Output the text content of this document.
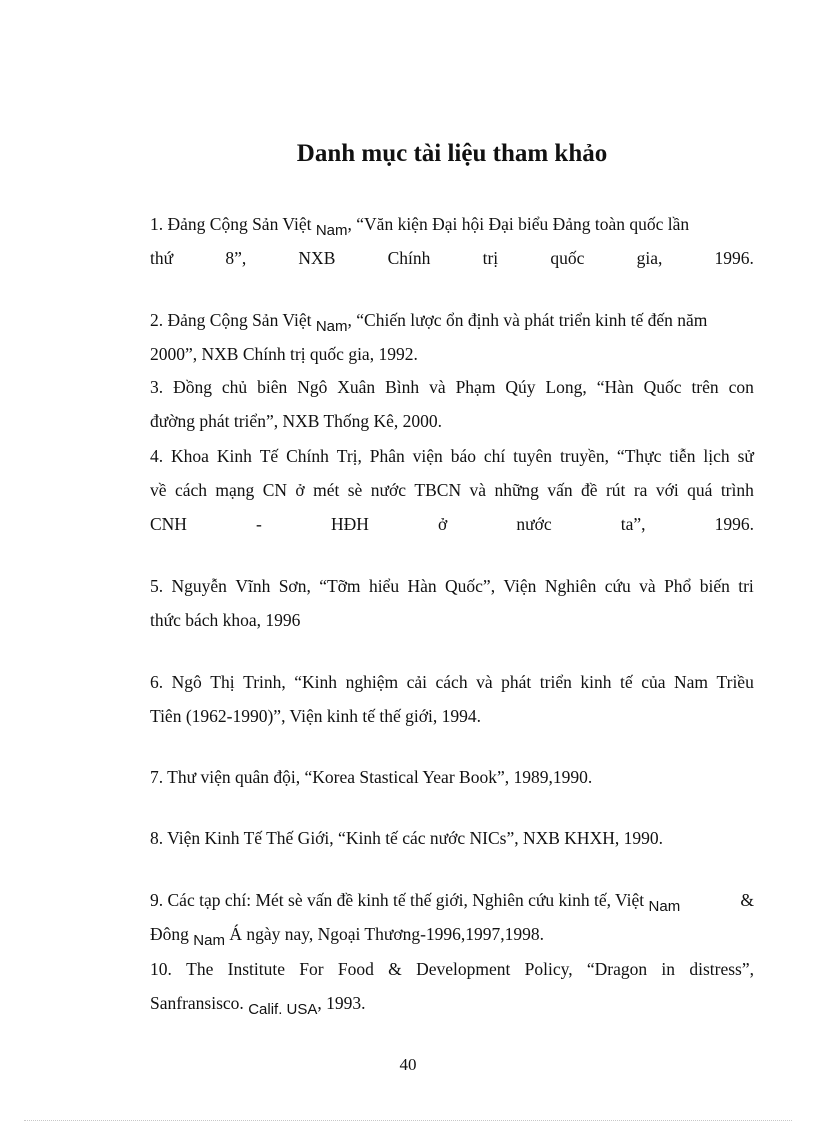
Danh mục tài liệu tham khảo
1. Đảng Cộng Sản Việt Nam, “Văn kiện Đại hội Đại biểu Đảng toàn quốc lần
thứ	8”,	NXB	Chính	trị	quốc	gia,	1996.
2. Đảng Cộng Sản Việt Nam, “Chiến lược ổn định và phát triển kinh tế đến năm
2000”, NXB Chính trị quốc gia, 1992.
3. Đồng chủ biên Ngô Xuân Bình và Phạm Qúy Long, “Hàn Quốc trên con
đường phát triển”, NXB Thống Kê, 2000.
4. Khoa Kinh Tế Chính Trị, Phân viện báo chí tuyên truyền, “Thực tiễn lịch sử
về cách mạng CN ở mét sè nước TBCN và những vấn đề rút ra với quá trình
CNH	-	HĐH	ở	nước	ta”,	1996.
5. Nguyễn Vĩnh Sơn, “Tỡm hiểu Hàn Quốc”, Viện Nghiên cứu và Phổ biến tri
thức bách khoa, 1996
6. Ngô Thị Trinh, “Kinh nghiệm cải cách và phát triển kinh tế của Nam Triều
Tiên (1962-1990)”, Viện kinh tế thế giới, 1994.
7. Thư viện quân đội, “Korea Stastical Year Book”, 1989,1990.
8. Viện Kinh Tế Thế Giới, “Kinh tế các nước NICs”, NXB KHXH, 1990.
9. Các tạp chí: Mét sè vấn đề kinh tế thế giới, Nghiên cứu kinh tế, Việt Nam	&
Đông Nam Á ngày nay, Ngoại Thương-1996,1997,1998.
10. The Institute For Food & Development Policy, “Dragon in distress”,
Sanfransisco. Calif. USA, 1993.
40
